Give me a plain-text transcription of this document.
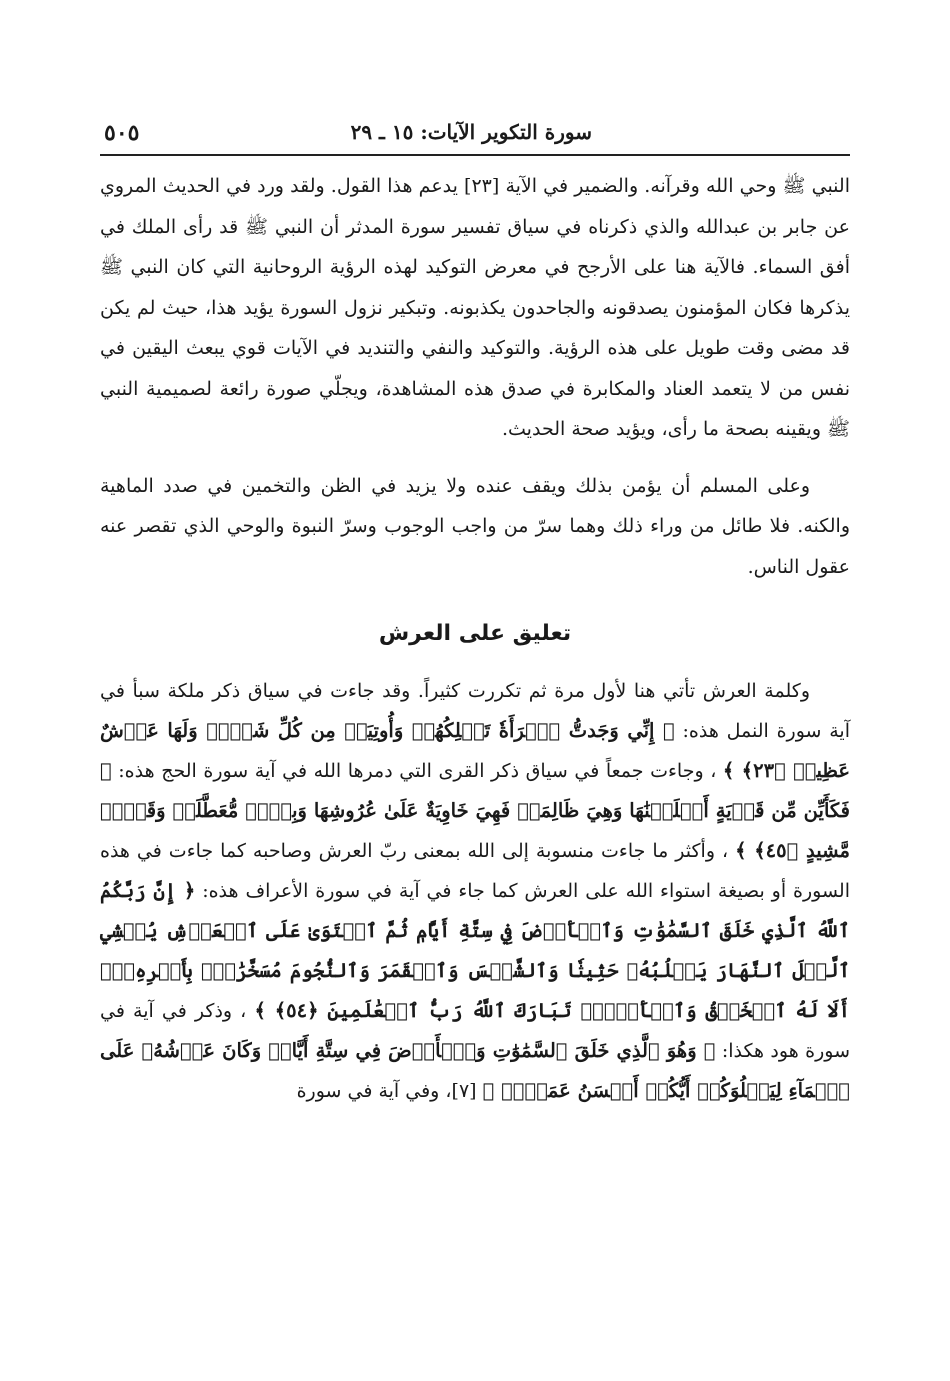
سورة التكوير الآيات: ١٥ ـ ٢٩
٥٠٥

النبي ﷺ وحي الله وقرآنه. والضمير في الآية [٢٣] يدعم هذا القول. ولقد ورد في الحديث المروي عن جابر بن عبدالله والذي ذكرناه في سياق تفسير سورة المدثر أن النبي ﷺ قد رأى الملك في أفق السماء. فالآية هنا على الأرجح في معرض التوكيد لهذه الرؤية الروحانية التي كان النبي ﷺ يذكرها فكان المؤمنون يصدقونه والجاحدون يكذبونه. وتبكير نزول السورة يؤيد هذا، حيث لم يكن قد مضى وقت طويل على هذه الرؤية. والتوكيد والنفي والتنديد في الآيات قوي يبعث اليقين في نفس من لا يتعمد العناد والمكابرة في صدق هذه المشاهدة، ويجلّي صورة رائعة لصميمية النبي ﷺ ويقينه بصحة ما رأى، ويؤيد صحة الحديث.

وعلى المسلم أن يؤمن بذلك ويقف عنده ولا يزيد في الظن والتخمين في صدد الماهية والكنه. فلا طائل من وراء ذلك وهما سرّ من واجب الوجوب وسرّ النبوة والوحي الذي تقصر عنه عقول الناس.

تعليق على العرش

وكلمة العرش تأتي هنا لأول مرة ثم تكررت كثيراً. وقد جاءت في سياق ذكر ملكة سبأ في آية سورة النمل هذه: ﴿ إِنِّي وَجَدتُّ ٱمۡرَأَةٗ تَمۡلِكُهُمۡ وَأُوتِيَتۡ مِن كُلِّ شَيۡءٖ وَلَهَا عَرۡشٌ عَظِيمٞ ﴿٢٣﴾ ﴾ ، وجاءت جمعاً في سياق ذكر القرى التي دمرها الله في آية سورة الحج هذه: ﴿ فَكَأَيِّن مِّن قَرۡيَةٍ أَهۡلَكۡنَٰهَا وَهِيَ ظَالِمَةٞ فَهِيَ خَاوِيَةٌ عَلَىٰ عُرُوشِهَا وَبِئۡرٖ مُّعَطَّلَةٖ وَقَصۡرٖ مَّشِيدٍ ﴿٤٥﴾ ﴾ ، وأكثر ما جاءت منسوبة إلى الله بمعنى ربّ العرش وصاحبه كما جاءت في هذه السورة أو بصيغة استواء الله على العرش كما جاء في آية في سورة الأعراف هذه: ﴿ إِنَّ رَبَّكُمُ ٱللَّهُ ٱلَّذِي خَلَقَ ٱلسَّمَٰوَٰتِ وَٱلۡأَرۡضَ فِي سِتَّةِ أَيَّامٖ ثُمَّ ٱسۡتَوَىٰ عَلَى ٱلۡعَرۡشِ يُغۡشِي ٱلَّيۡلَ ٱلنَّهَارَ يَطۡلُبُهُۥ حَثِيثٗا وَٱلشَّمۡسَ وَٱلۡقَمَرَ وَٱلنُّجُومَ مُسَخَّرَٰتِۭ بِأَمۡرِهِۦٓۗ أَلَا لَهُ ٱلۡخَلۡقُ وَٱلۡأَمۡرُۗ تَبَارَكَ ٱللَّهُ رَبُّ ٱلۡعَٰلَمِينَ ﴿٥٤﴾ ﴾ ، وذكر في آية في سورة هود هكذا: ﴿ وَهُوَ ٱلَّذِي خَلَقَ ٱلسَّمَٰوَٰتِ وَٱلۡأَرۡضَ فِي سِتَّةِ أَيَّامٖ وَكَانَ عَرۡشُهُۥ عَلَى ٱلۡمَآءِ لِيَبۡلُوَكُمۡ أَيُّكُمۡ أَحۡسَنُ عَمَلٗاۗ ﴾ [٧]، وفي آية في سورة
